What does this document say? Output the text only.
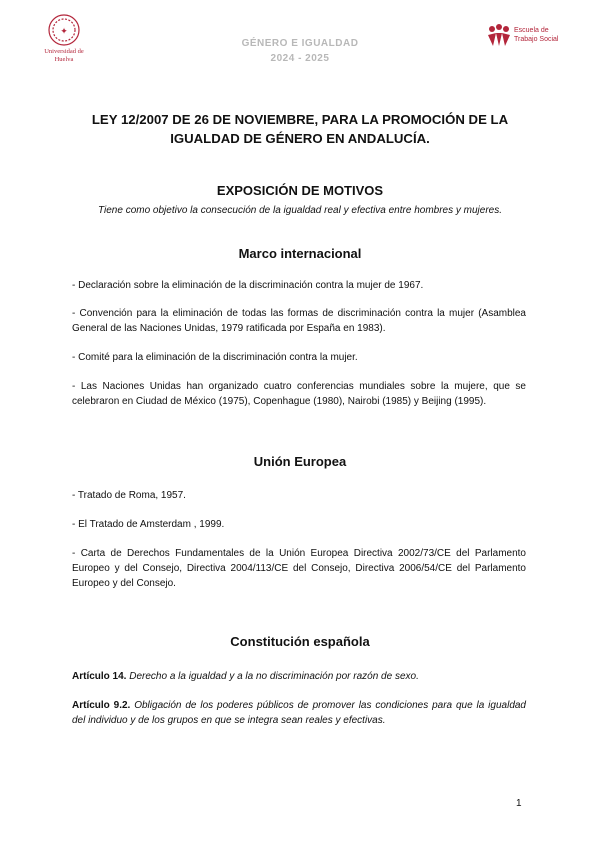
✦
Universidad de Huelva
GÉNERO E IGUALDAD
2024 - 2025
Escuela de
Trabajo Social
LEY 12/2007 DE 26 DE NOVIEMBRE, PARA LA PROMOCIÓN DE LA IGUALDAD DE GÉNERO EN ANDALUCÍA.
EXPOSICIÓN DE MOTIVOS
Tiene como objetivo la consecución de la igualdad real y efectiva entre hombres y mujeres.
Marco internacional

- Declaración sobre la eliminación de la discriminación contra la mujer de 1967.

- Convención para la eliminación de todas las formas de discriminación contra la mujer (Asamblea General de las Naciones Unidas, 1979 ratificada por España en 1983).

- Comité para la eliminación de la discriminación contra la mujer.

- Las Naciones Unidas han organizado cuatro conferencias mundiales sobre la mujere, que se celebraron en Ciudad de México (1975), Copenhague (1980), Nairobi (1985) y Beijing (1995).

Unión Europea

- Tratado de Roma, 1957.

- El Tratado de Amsterdam , 1999.

- Carta de Derechos Fundamentales de la Unión Europea Directiva 2002/73/CE del Parlamento Europeo y del Consejo, Directiva 2004/113/CE del Consejo, Directiva 2006/54/CE del Parlamento Europeo y del Consejo.

Constitución española

Artículo 14. Derecho a la igualdad y a la no discriminación por razón de sexo.

Artículo 9.2. Obligación de los poderes públicos de promover las condiciones para que la igualdad del individuo y de los grupos en que se integra sean reales y efectivas.

1
